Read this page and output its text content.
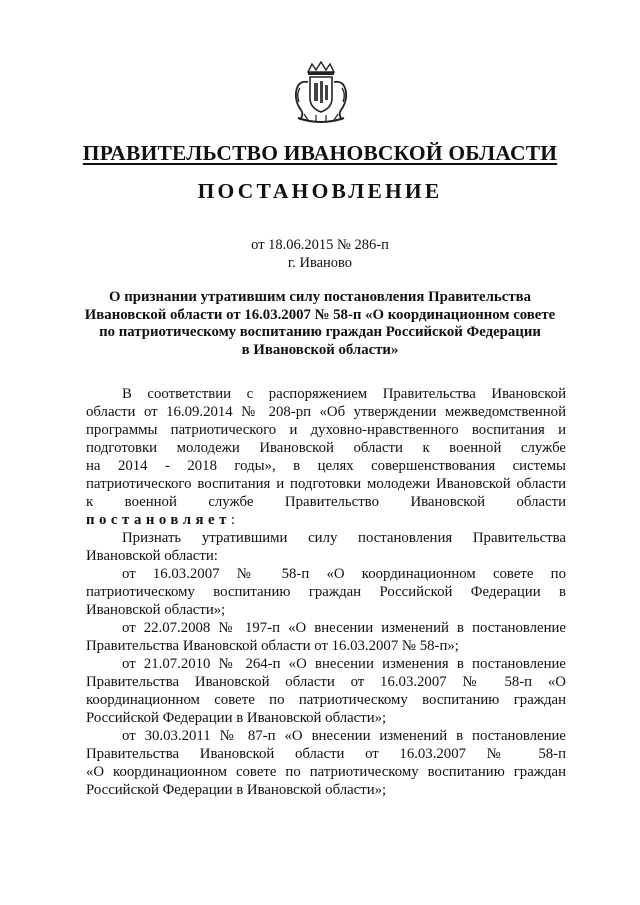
ПРАВИТЕЛЬСТВО ИВАНОВСКОЙ ОБЛАСТИ
ПОСТАНОВЛЕНИЕ
от 18.06.2015 № 286-п
г. Иваново
О признании утратившим силу постановления Правительства
Ивановской области от 16.03.2007 № 58-п «О координационном совете
по патриотическому воспитанию граждан Российской Федерации
в Ивановской области»
В соответствии с распоряжением Правительства Ивановской
области от 16.09.2014 № 208-рп «Об утверждении межведомственной
программы патриотического и духовно-нравственного воспитания и
подготовки молодежи Ивановской области к военной службе
на 2014 - 2018 годы», в целях совершенствования системы
патриотического воспитания и подготовки молодежи Ивановской области
к военной службе Правительство Ивановской области
постановляет:
Признать утратившими силу постановления Правительства
Ивановской области:
от 16.03.2007 № 58-п «О координационном совете по
патриотическому воспитанию граждан Российской Федерации в
Ивановской области»;
от 22.07.2008 № 197-п «О внесении изменений в постановление
Правительства Ивановской области от 16.03.2007 № 58-п»;
от 21.07.2010 № 264-п «О внесении изменения в постановление
Правительства Ивановской области от 16.03.2007 № 58-п «О
координационном совете по патриотическому воспитанию граждан
Российской Федерации в Ивановской области»;
от 30.03.2011 № 87-п «О внесении изменений в постановление
Правительства Ивановской области от 16.03.2007 № 58-п
«О координационном совете по патриотическому воспитанию граждан
Российской Федерации в Ивановской области»;
